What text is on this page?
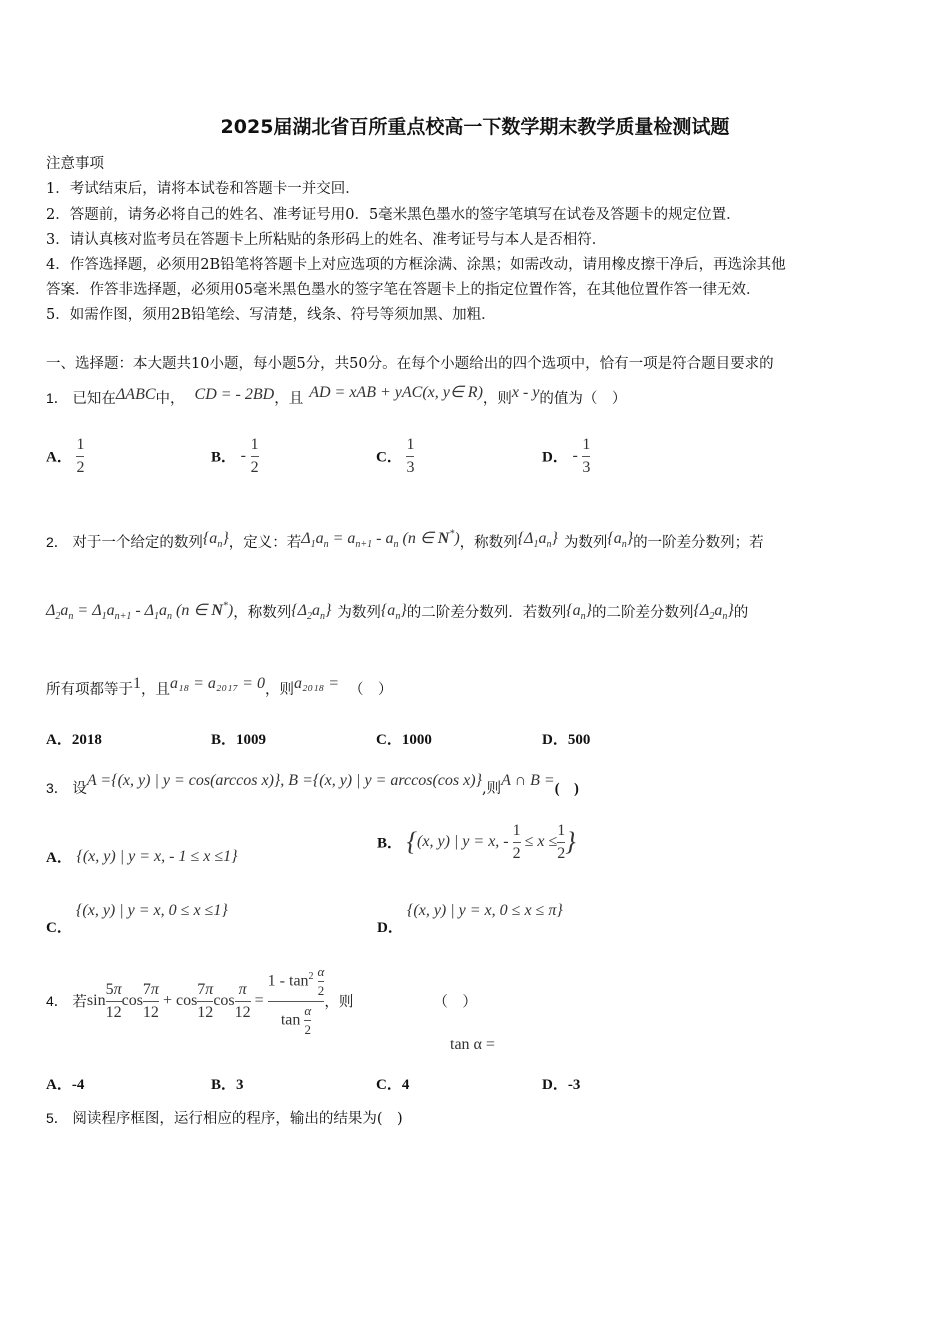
2025届湖北省百所重点校高一下数学期末教学质量检测试题
注意事项
1．考试结束后，请将本试卷和答题卡一并交回．
2．答题前，请务必将自己的姓名、准考证号用0．5毫米黑色墨水的签字笔填写在试卷及答题卡的规定位置．
3．请认真核对监考员在答题卡上所粘贴的条形码上的姓名、准考证号与本人是否相符．
4．作答选择题，必须用2B铅笔将答题卡上对应选项的方框涂满、涂黑；如需改动，请用橡皮擦干净后，再选涂其他
答案．作答非选择题，必须用05毫米黑色墨水的签字笔在答题卡上的指定位置作答，在其他位置作答一律无效．
5．如需作图，须用2B铅笔绘、写清楚，线条、符号等须加黑、加粗．
一、选择题：本大题共10小题，每小题5分，共50分。在每个小题给出的四个选项中，恰有一项是符合题目要求的
1． 已知在ΔABC中， CD = - 2BD，且 AD = xAB + yAC(x, y∈ R)，则x - y的值为（　）
A． $\frac{1}{2}$	B． - $\frac{1}{2}$	C． $\frac{1}{3}$	D． - $\frac{1}{3}$
2． 对于一个给定的数列$\{a_n\}$，定义：若$\Delta_1a_n = a_{n+1} - a_n$ (n ∈ N*)，称数列$\{\Delta_1a_n\}$ 为数列$\{a_n\}$的一阶差分数列；若
$\Delta_2a_n = \Delta_1a_{n+1} - \Delta_1a_n$ (n ∈ N*)，称数列$\{\Delta_2a_n\}$ 为数列$\{a_n\}$的二阶差分数列．若数列$\{a_n\}$的二阶差分数列$\{\Delta_2a_n\}$的
所有项都等于1，且a₁₈ = a₂₀₁₇ = 0，则a₂₀₁₈ = （　）
A．2018	B．1009	C．1000	D．500
3． 设A ={(x, y) | y = cos(arccos x)}, B ={(x, y) | y = arccos(cos x)},则A ∩ B =(　)
A． {(x, y) | y = x, - 1 ≤ x ≤1}
B． {(x, y) | y = x, - $\frac{1}{2} \le x \le \frac{1}{2}$ }
{(x, y) | y = x, 0 ≤ x ≤1}
C．
{(x, y) | y = x, 0 ≤ x ≤ π}
D．
4． 若$\sin \frac{5\pi}{12}$ $\cos \frac{7\pi}{12} + \cos \frac{7\pi}{12}$ $\cos \frac{\pi}{12} = \frac{1 - \tan^2 \frac{\alpha}{2}}{\tan \frac{\alpha}{2}}$ ，则	（　）
tan α =
A．-4	B．3	C．4	D．-3
5． 阅读程序框图，运行相应的程序，输出的结果为(　)
